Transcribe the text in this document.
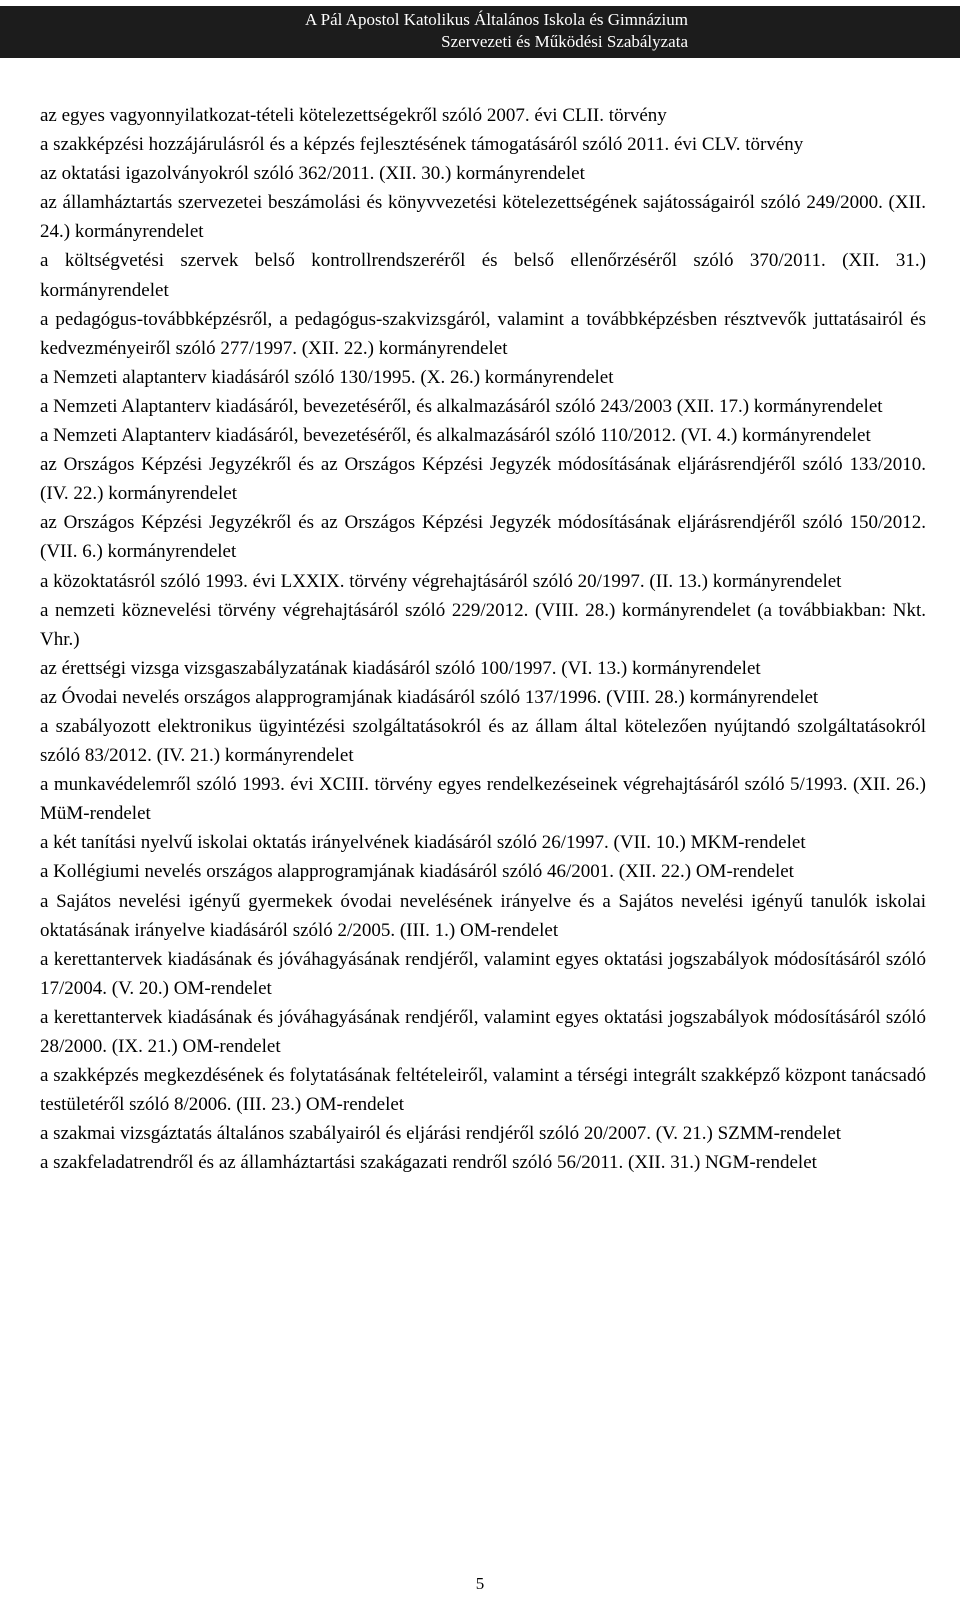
A Pál Apostol Katolikus Általános Iskola és Gimnázium
Szervezeti és Működési Szabályzata

az egyes vagyonnyilatkozat-tételi kötelezettségekről szóló 2007. évi CLII. törvény

a szakképzési hozzájárulásról és a képzés fejlesztésének támogatásáról szóló 2011. évi CLV. törvény

az oktatási igazolványokról szóló 362/2011. (XII. 30.) kormányrendelet

az államháztartás szervezetei beszámolási és könyvvezetési kötelezettségének sajátosságairól szóló 249/2000. (XII. 24.) kormányrendelet

a költségvetési szervek belső kontrollrendszeréről és belső ellenőrzéséről szóló 370/2011. (XII. 31.) kormányrendelet

a pedagógus-továbbképzésről, a pedagógus-szakvizsgáról, valamint a továbbképzésben résztvevők juttatásairól és kedvezményeiről szóló 277/1997. (XII. 22.) kormányrendelet

a Nemzeti alaptanterv kiadásáról szóló 130/1995. (X. 26.) kormányrendelet

a Nemzeti Alaptanterv kiadásáról, bevezetéséről, és alkalmazásáról szóló 243/2003 (XII. 17.) kormányrendelet

a Nemzeti Alaptanterv kiadásáról, bevezetéséről, és alkalmazásáról szóló 110/2012. (VI. 4.) kormányrendelet

az Országos Képzési Jegyzékről és az Országos Képzési Jegyzék módosításának eljárásrendjéről szóló 133/2010. (IV. 22.) kormányrendelet

az Országos Képzési Jegyzékről és az Országos Képzési Jegyzék módosításának eljárásrendjéről szóló 150/2012. (VII. 6.) kormányrendelet

a közoktatásról szóló 1993. évi LXXIX. törvény végrehajtásáról szóló 20/1997. (II. 13.) kormányrendelet

a nemzeti köznevelési törvény végrehajtásáról szóló 229/2012. (VIII. 28.) kormányrendelet (a továbbiakban: Nkt. Vhr.)

az érettségi vizsga vizsgaszabályzatának kiadásáról szóló 100/1997. (VI. 13.) kormányrendelet

az Óvodai nevelés országos alapprogramjának kiadásáról szóló 137/1996. (VIII. 28.) kormányrendelet

a szabályozott elektronikus ügyintézési szolgáltatásokról és az állam által kötelezően nyújtandó szolgáltatásokról szóló 83/2012. (IV. 21.) kormányrendelet

a munkavédelemről szóló 1993. évi XCIII. törvény egyes rendelkezéseinek végrehajtásáról szóló 5/1993. (XII. 26.) MüM-rendelet

a két tanítási nyelvű iskolai oktatás irányelvének kiadásáról szóló 26/1997. (VII. 10.) MKM-rendelet

a Kollégiumi nevelés országos alapprogramjának kiadásáról szóló 46/2001. (XII. 22.) OM-rendelet

a Sajátos nevelési igényű gyermekek óvodai nevelésének irányelve és a Sajátos nevelési igényű tanulók iskolai oktatásának irányelve kiadásáról szóló 2/2005. (III. 1.) OM-rendelet

a kerettantervek kiadásának és jóváhagyásának rendjéről, valamint egyes oktatási jogszabályok módosításáról szóló 17/2004. (V. 20.) OM-rendelet

a kerettantervek kiadásának és jóváhagyásának rendjéről, valamint egyes oktatási jogszabályok módosításáról szóló 28/2000. (IX. 21.) OM-rendelet

a szakképzés megkezdésének és folytatásának feltételeiről, valamint a térségi integrált szakképző központ tanácsadó testületéről szóló 8/2006. (III. 23.) OM-rendelet

a szakmai vizsgáztatás általános szabályairól és eljárási rendjéről szóló 20/2007. (V. 21.) SZMM-rendelet

a szakfeladatrendről és az államháztartási szakágazati rendről szóló 56/2011. (XII. 31.) NGM-rendelet

5
